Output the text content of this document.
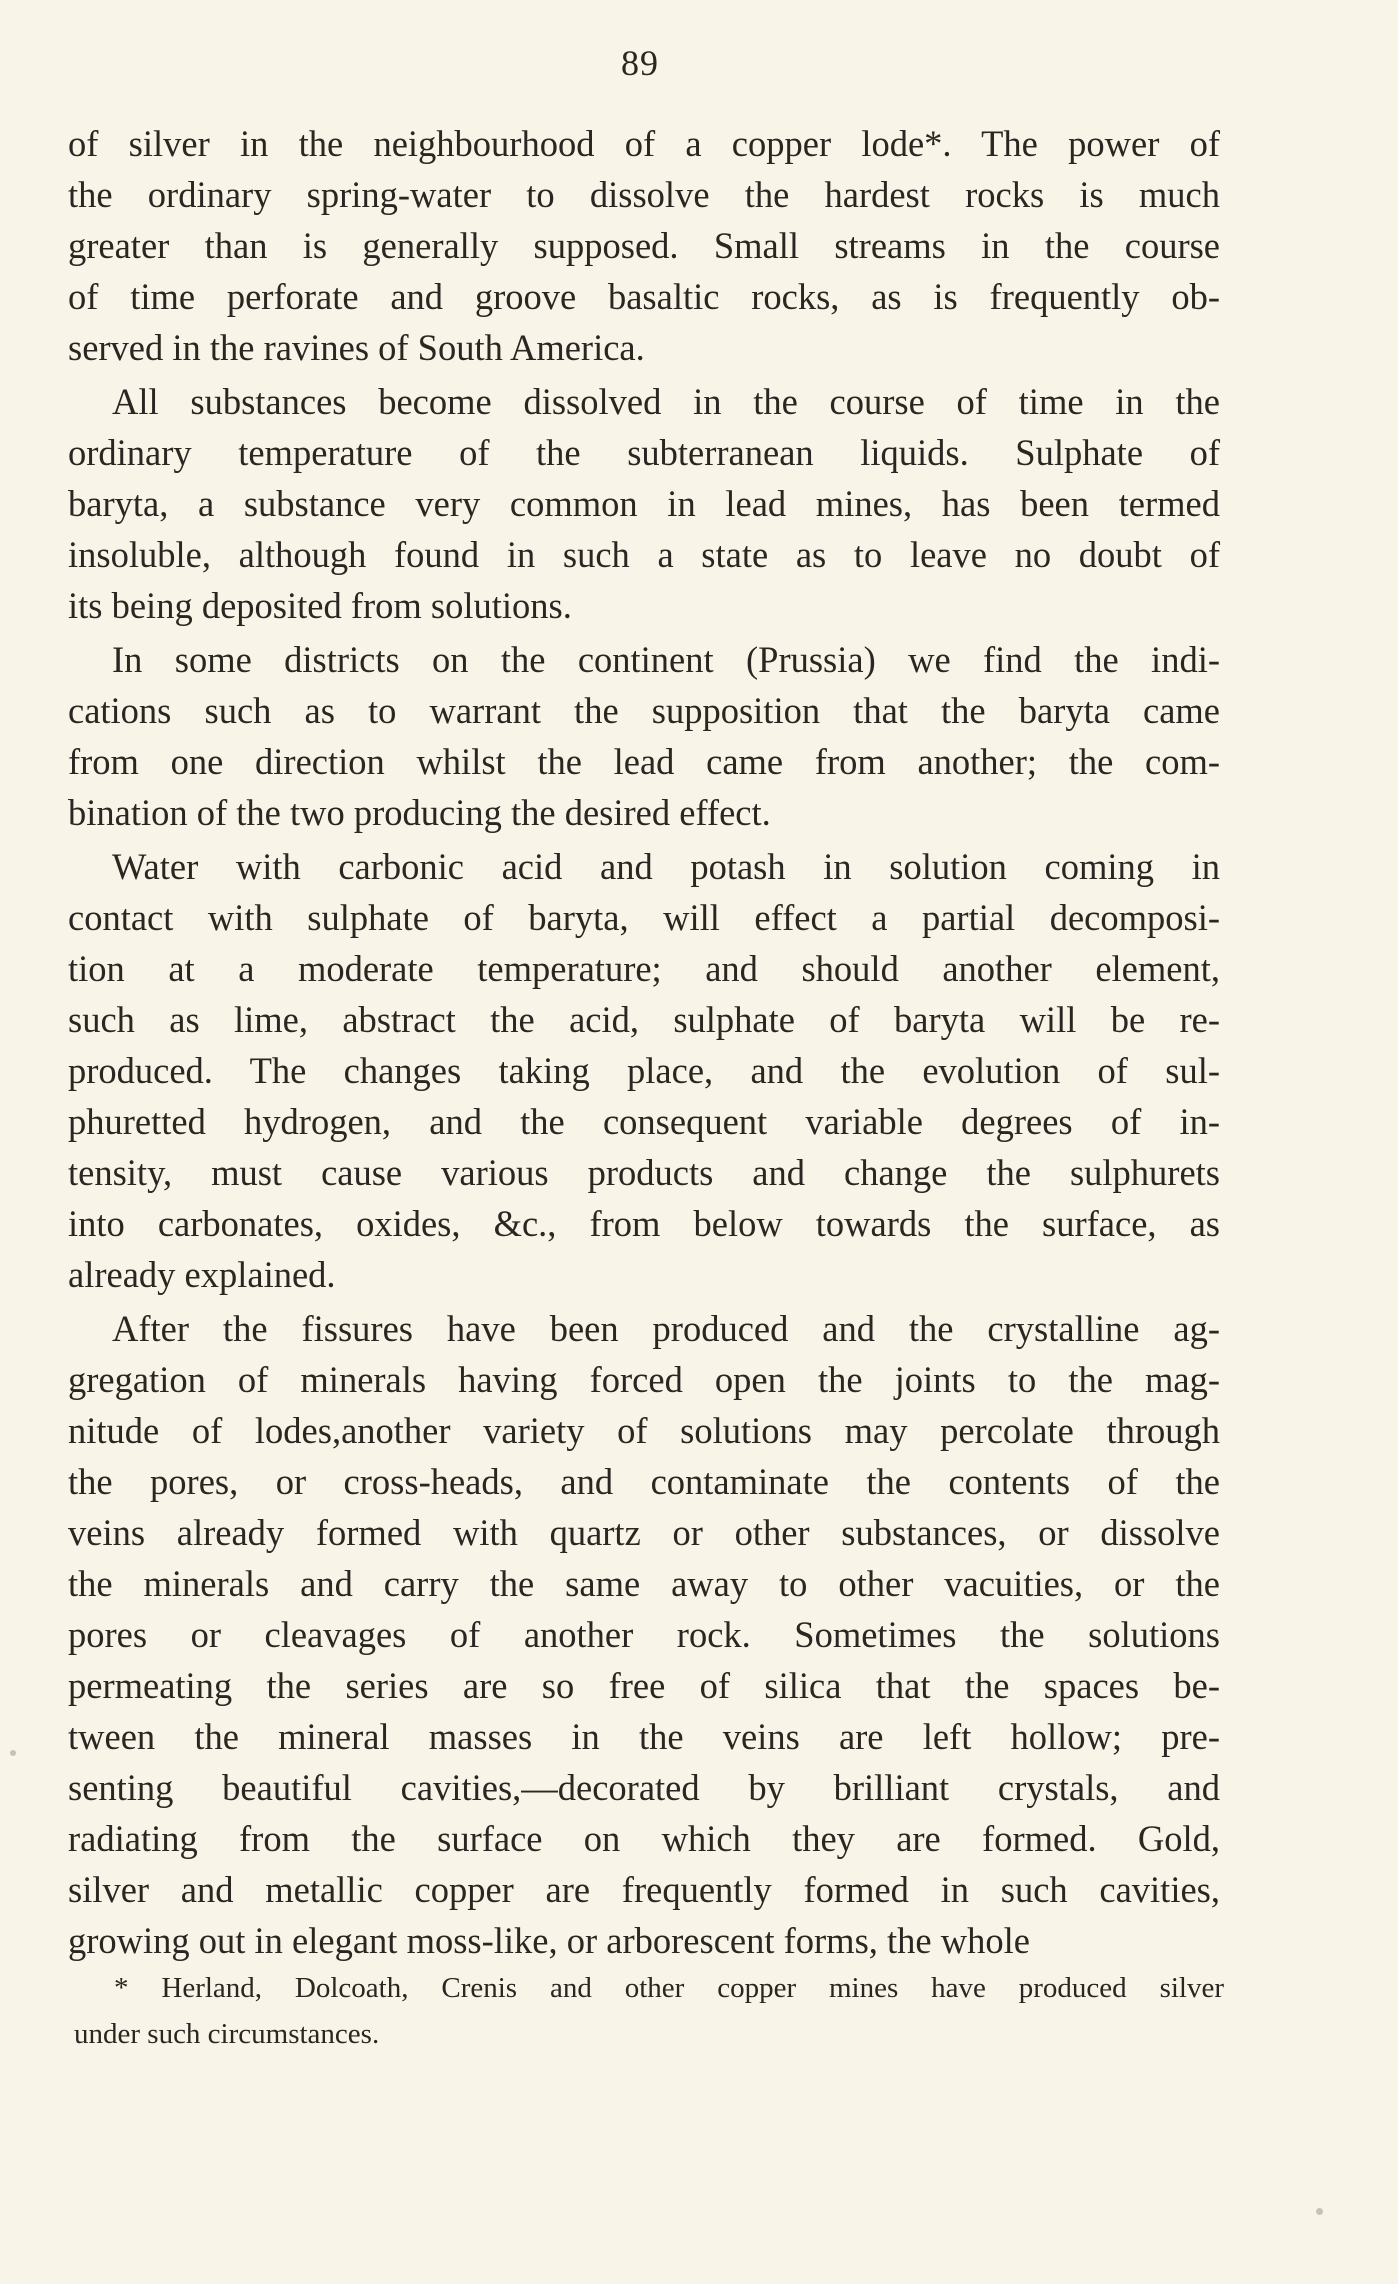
89

of silver in the neighbourhood of a copper lode*. The power of
the ordinary spring-water to dissolve the hardest rocks is much
greater than is generally supposed. Small streams in the course
of time perforate and groove basaltic rocks, as is frequently ob-
served in the ravines of South America.

All substances become dissolved in the course of time in the
ordinary temperature of the subterranean liquids. Sulphate of
baryta, a substance very common in lead mines, has been termed
insoluble, although found in such a state as to leave no doubt of
its being deposited from solutions.

In some districts on the continent (Prussia) we find the indi-
cations such as to warrant the supposition that the baryta came
from one direction whilst the lead came from another; the com-
bination of the two producing the desired effect.

Water with carbonic acid and potash in solution coming in
contact with sulphate of baryta, will effect a partial decomposi-
tion at a moderate temperature; and should another element,
such as lime, abstract the acid, sulphate of baryta will be re-
produced. The changes taking place, and the evolution of sul-
phuretted hydrogen, and the consequent variable degrees of in-
tensity, must cause various products and change the sulphurets
into carbonates, oxides, &c., from below towards the surface, as
already explained.

After the fissures have been produced and the crystalline ag-
gregation of minerals having forced open the joints to the mag-
nitude of lodes,another variety of solutions may percolate through
the pores, or cross-heads, and contaminate the contents of the
veins already formed with quartz or other substances, or dissolve
the minerals and carry the same away to other vacuities, or the
pores or cleavages of another rock. Sometimes the solutions
permeating the series are so free of silica that the spaces be-
tween the mineral masses in the veins are left hollow; pre-
senting beautiful cavities,—decorated by brilliant crystals, and
radiating from the surface on which they are formed. Gold,
silver and metallic copper are frequently formed in such cavities,
growing out in elegant moss-like, or arborescent forms, the whole

* Herland, Dolcoath, Crenis and other copper mines have produced silver
under such circumstances.
